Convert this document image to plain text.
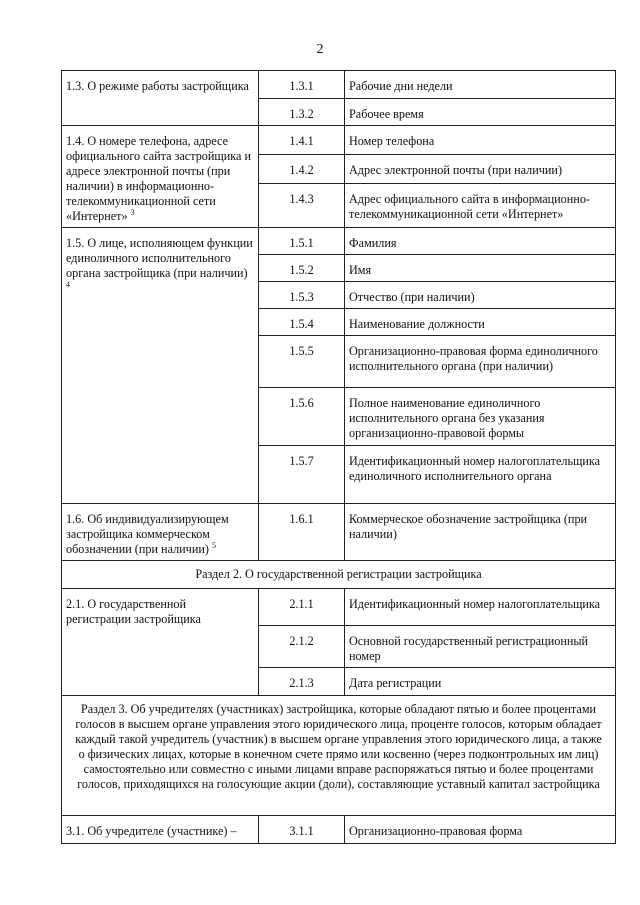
2
1.3. О режиме работы застройщика	1.3.1	Рабочие дни недели
	1.3.2	Рабочее время
1.4. О номере телефона, адресе официального сайта застройщика и адресе электронной почты (при наличии) в информационно-телекоммуникационной сети «Интернет» $^3$	1.4.1	Номер телефона
	1.4.2	Адрес электронной почты (при наличии)
	1.4.3	Адрес официального сайта в информационно-телекоммуникационной сети «Интернет»
1.5. О лице, исполняющем функции единоличного исполнительного органа застройщика (при наличии) $^4$	1.5.1	Фамилия
	1.5.2	Имя
	1.5.3	Отчество (при наличии)
	1.5.4	Наименование должности
	1.5.5	Организационно-правовая форма единоличного исполнительного органа (при наличии)
	1.5.6	Полное наименование единоличного исполнительного органа без указания организационно-правовой формы
	1.5.7	Идентификационный номер налогоплательщика единоличного исполнительного органа
1.6. Об индивидуализирующем застройщика коммерческом обозначении (при наличии) $^5$	1.6.1	Коммерческое обозначение застройщика (при наличии)
Раздел 2. О государственной регистрации застройщика		
2.1. О государственной регистрации застройщика	2.1.1	Идентификационный номер налогоплательщика
	2.1.2	Основной государственный регистрационный номер
	2.1.3	Дата регистрации
Раздел 3. Об учредителях (участниках) застройщика, которые обладают пятью и более процентами голосов в высшем органе управления этого юридического лица, проценте голосов, которым обладает каждый такой учредитель (участник) в высшем органе управления этого юридического лица, а также о физических лицах, которые в конечном счете прямо или косвенно (через подконтрольных им лиц) самостоятельно или совместно с иными лицами вправе распоряжаться пятью и более процентами голосов, приходящихся на голосующие акции (доли), составляющие уставный капитал застройщика		
3.1. Об учредителе (участнике) –	3.1.1	Организационно-правовая форма
